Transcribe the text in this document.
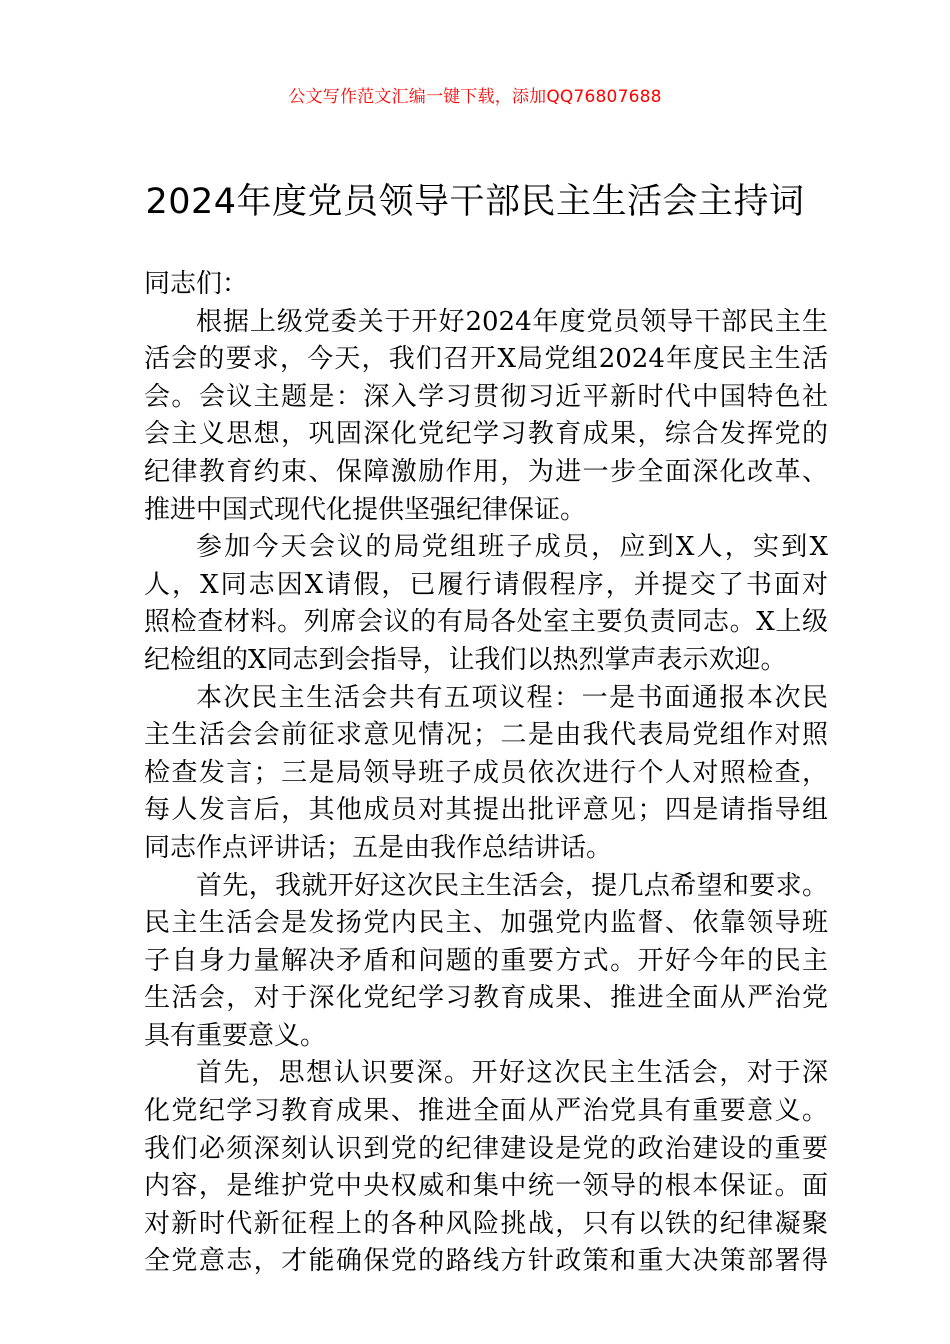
公文写作范文汇编一键下载，添加QQ76807688
2024年度党员领导干部民主生活会主持词
同志们：
根据上级党委关于开好2024年度党员领导干部民主生
活会的要求，今天，我们召开X局党组2024年度民主生活
会。会议主题是：深入学习贯彻习近平新时代中国特色社
会主义思想，巩固深化党纪学习教育成果，综合发挥党的
纪律教育约束、保障激励作用，为进一步全面深化改革、
推进中国式现代化提供坚强纪律保证。
参加今天会议的局党组班子成员，应到X人，实到X
人，X同志因X请假，已履行请假程序，并提交了书面对
照检查材料。列席会议的有局各处室主要负责同志。X上级
纪检组的X同志到会指导，让我们以热烈掌声表示欢迎。
本次民主生活会共有五项议程：一是书面通报本次民
主生活会会前征求意见情况；二是由我代表局党组作对照
检查发言；三是局领导班子成员依次进行个人对照检查，
每人发言后，其他成员对其提出批评意见；四是请指导组
同志作点评讲话；五是由我作总结讲话。
首先，我就开好这次民主生活会，提几点希望和要求。
民主生活会是发扬党内民主、加强党内监督、依靠领导班
子自身力量解决矛盾和问题的重要方式。开好今年的民主
生活会，对于深化党纪学习教育成果、推进全面从严治党
具有重要意义。
首先，思想认识要深。开好这次民主生活会，对于深
化党纪学习教育成果、推进全面从严治党具有重要意义。
我们必须深刻认识到党的纪律建设是党的政治建设的重要
内容，是维护党中央权威和集中统一领导的根本保证。面
对新时代新征程上的各种风险挑战，只有以铁的纪律凝聚
全党意志，才能确保党的路线方针政策和重大决策部署得
